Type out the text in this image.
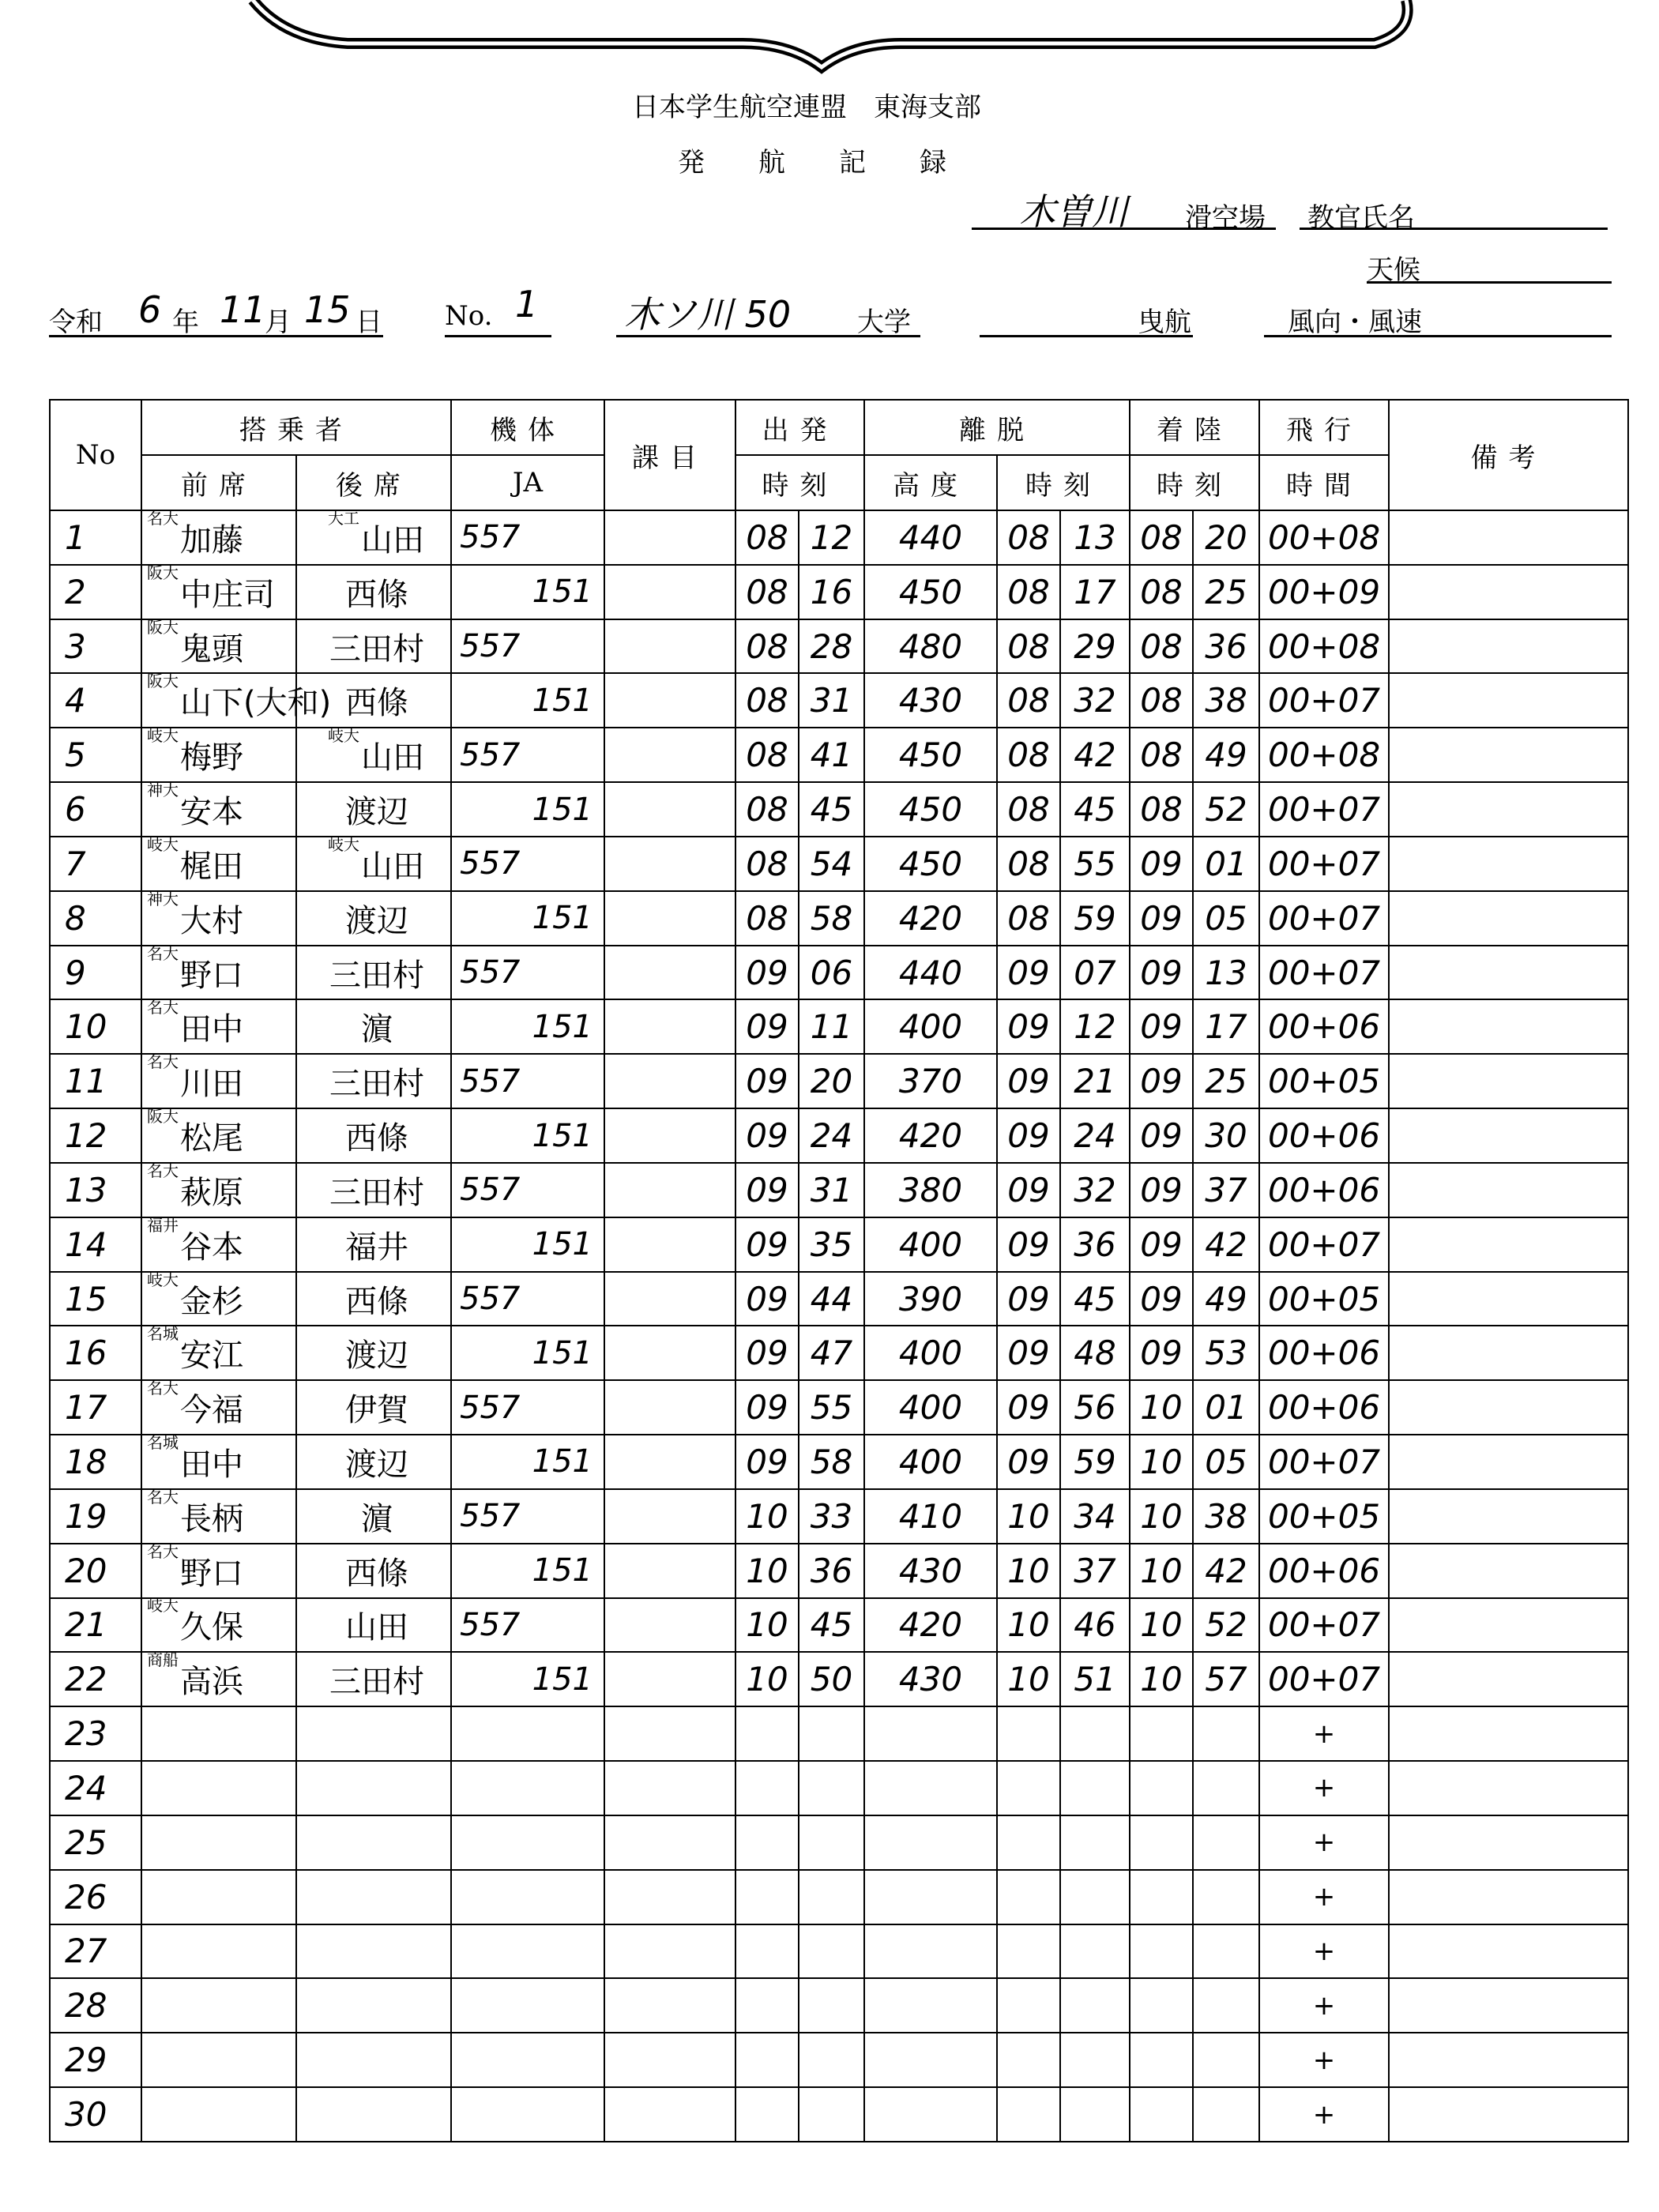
日本学生航空連盟　東海支部
発　　航　　記　　録
木曽川 滑空場 教官氏名
天候
令和 6 年 11
月 15 日 No. 1 木ソ川 50 大学	曳航	風向・風速
No	搭乗者		機体	課目	出発		離脱			着陸		飛行	備考
	前席	後席	JA		時刻		高度	時刻		時刻		時間	
1	$^{名大}$加藤	$^{大工}$山田	557		08	12	440	08	13	08	20	00+08	
2	$^{阪大}$中庄司	西條	151		08	16	450	08	17	08	25	00+09	
3	$^{阪大}$鬼頭	三田村	557		08	28	480	08	29	08	36	00+08	
4	$^{阪大}$山下(大和)	西條	151		08	31	430	08	32	08	38	00+07	
5	$^{岐大}$梅野	$^{岐大}$山田	557		08	41	450	08	42	08	49	00+08	
6	$^{神大}$安本	渡辺	151		08	45	450	08	45	08	52	00+07	
7	$^{岐大}$梶田	$^{岐大}$山田	557		08	54	450	08	55	09	01	00+07	
8	$^{神大}$大村	渡辺	151		08	58	420	08	59	09	05	00+07	
9	$^{名大}$野口	三田村	557		09	06	440	09	07	09	13	00+07	
10	$^{名大}$田中	濵	151		09	11	400	09	12	09	17	00+06	
11	$^{名大}$川田	三田村	557		09	20	370	09	21	09	25	00+05	
12	$^{阪大}$松尾	西條	151		09	24	420	09	24	09	30	00+06	
13	$^{名大}$萩原	三田村	557		09	31	380	09	32	09	37	00+06	
14	$^{福井}$谷本	福井	151		09	35	400	09	36	09	42	00+07	
15	$^{岐大}$金杉	西條	557		09	44	390	09	45	09	49	00+05	
16	$^{名城}$安江	渡辺	151		09	47	400	09	48	09	53	00+06	
17	$^{名大}$今福	伊賀	557		09	55	400	09	56	10	01	00+06	
18	$^{名城}$田中	渡辺	151		09	58	400	09	59	10	05	00+07	
19	$^{名大}$長柄	濵	557		10	33	410	10	34	10	38	00+05	
20	$^{名大}$野口	西條	151		10	36	430	10	37	10	42	00+06	
21	$^{岐大}$久保	山田	557		10	45	420	10	46	10	52	00+07	
22	$^{商船}$高浜	三田村	151		10	50	430	10	51	10	57	00+07	
23												+	
24												+	
25												+	
26												+	
27												+	
28												+	
29												+	
30												+	
